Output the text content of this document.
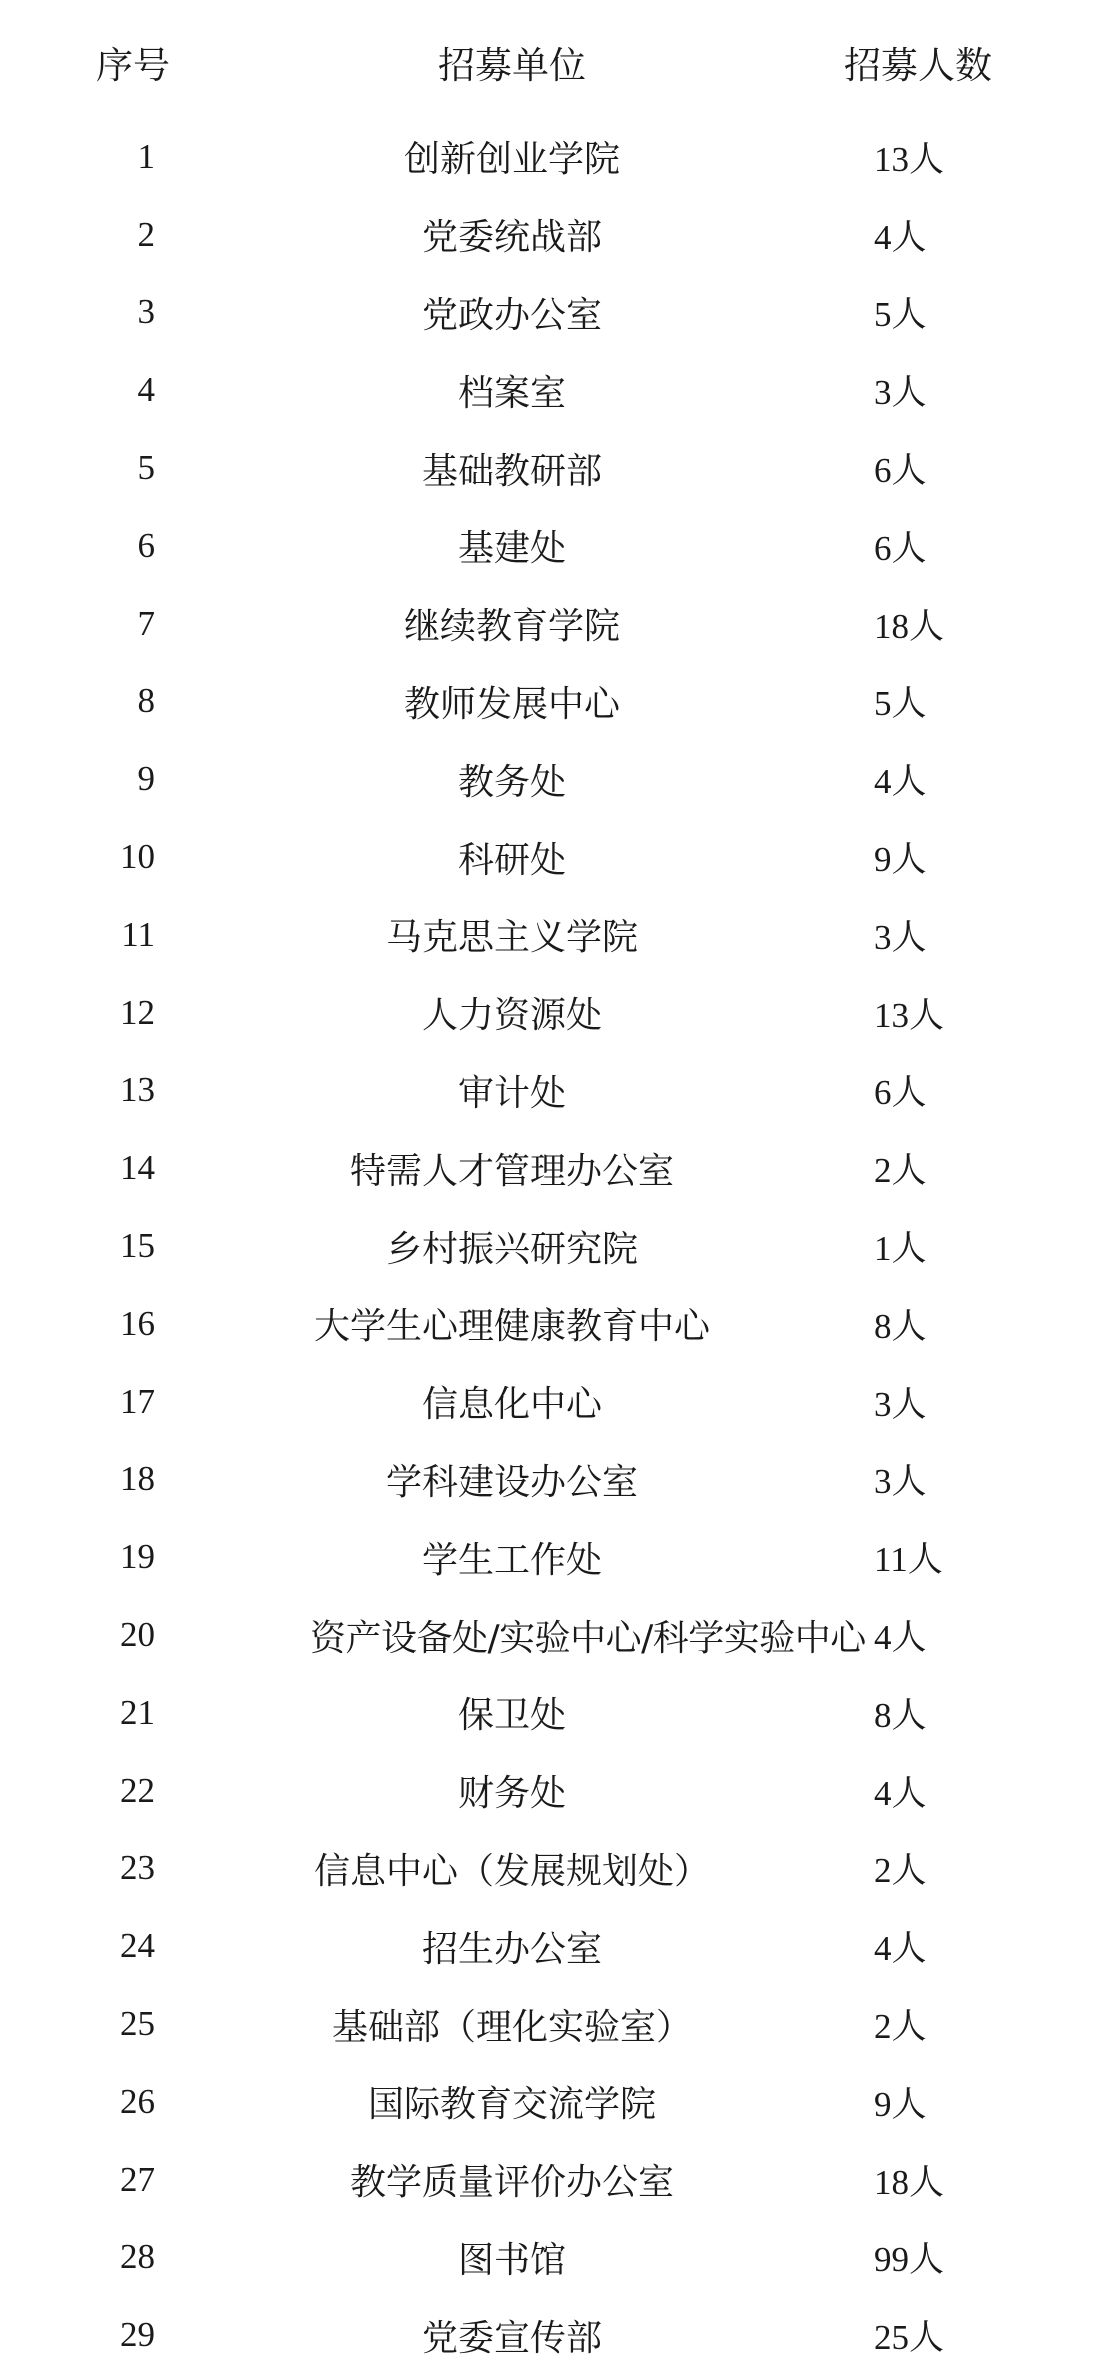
序号	招募单位	招募人数
1	创新创业学院	13人
2	党委统战部	4人
3	党政办公室	5人
4	档案室	3人
5	基础教研部	6人
6	基建处	6人
7	继续教育学院	18人
8	教师发展中心	5人
9	教务处	4人
10	科研处	9人
11	马克思主义学院	3人
12	人力资源处	13人
13	审计处	6人
14	特需人才管理办公室	2人
15	乡村振兴研究院	1人
16	大学生心理健康教育中心	8人
17	信息化中心	3人
18	学科建设办公室	3人
19	学生工作处	11人
20	资产设备处/实验中心/科学实验中心	4人
21	保卫处	8人
22	财务处	4人
23	信息中心（发展规划处）	2人
24	招生办公室	4人
25	基础部（理化实验室）	2人
26	国际教育交流学院	9人
27	教学质量评价办公室	18人
28	图书馆	99人
29	党委宣传部	25人
